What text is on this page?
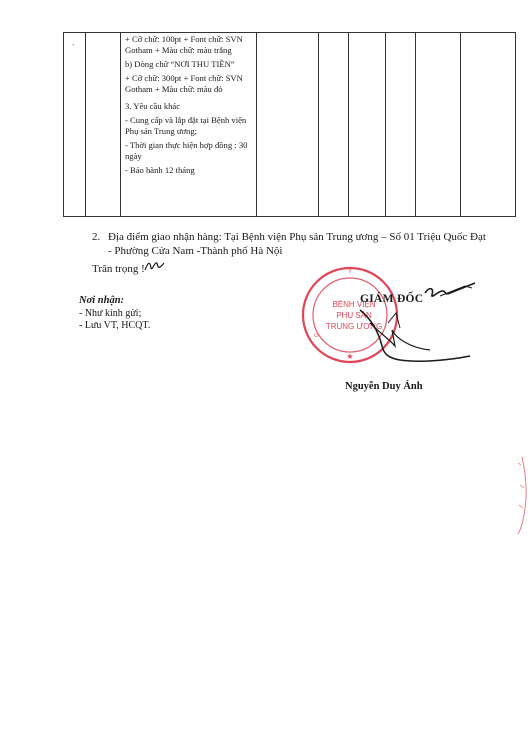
+ Cỡ chữ: 100pt + Font chữ: SVN Gotham + Màu chữ: màu trắng

b) Dòng chữ “NƠI THU TIỀN”

+ Cỡ chữ: 300pt + Font chữ: SVN Gotham + Màu chữ: màu đỏ

3. Yêu cầu khác

- Cung cấp và lắp đặt tại Bệnh viện Phụ sản Trung ương;

- Thời gian thực hiện hợp đồng : 30 ngày

- Bảo hành 12 tháng

`
2. Địa điểm giao nhận hàng: Tại Bệnh viện Phụ sản Trung ương – Số 01 Triệu Quốc Đạt - Phường Cửa Nam -Thành phố Hà Nội
Trân trọng !
Nơi nhận:
- Như kính gửi;
- Lưu VT, HCQT.
Y
G
BỆNH VIỆN
PHỤ SẢN
TRUNG ƯƠNG
★
GIÁM ĐỐC
Nguyễn Duy Ánh
